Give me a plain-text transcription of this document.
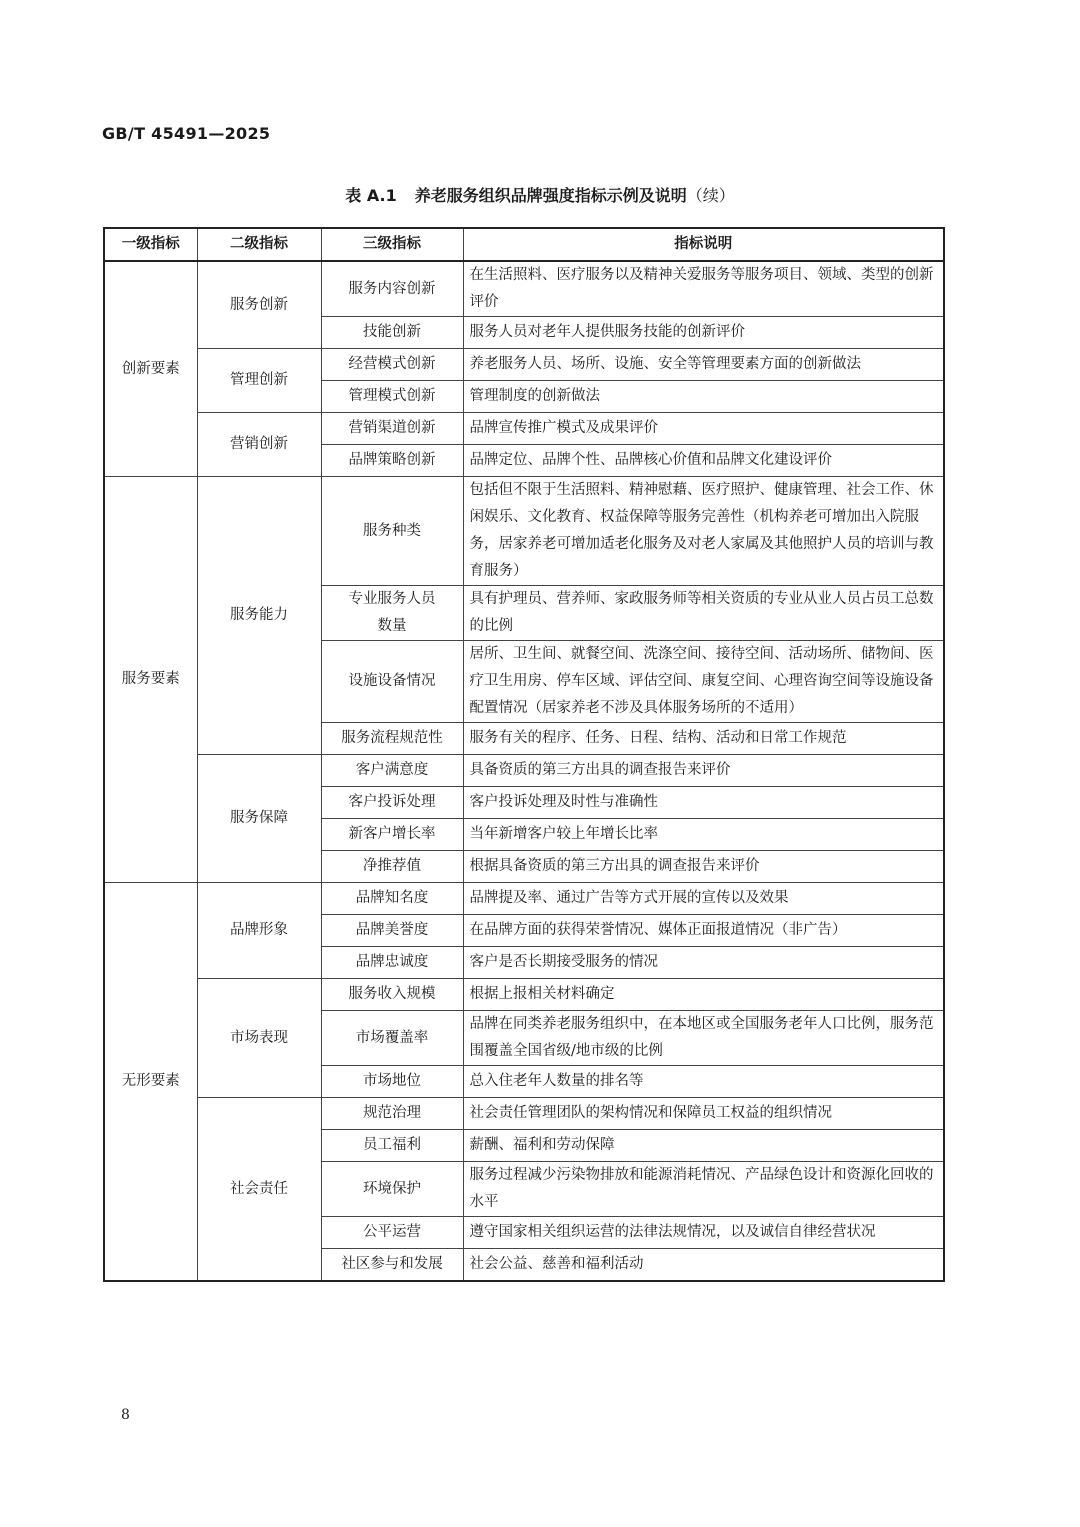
GB/T 45491—2025
表 A.1 养老服务组织品牌强度指标示例及说明（续）
一级指标	二级指标	三级指标	指标说明
创新要素	服务创新	服务内容创新	在生活照料、医疗服务以及精神关爱服务等服务项目、领域、类型的创新评价
		技能创新	服务人员对老年人提供服务技能的创新评价
	管理创新	经营模式创新	养老服务人员、场所、设施、安全等管理要素方面的创新做法
		管理模式创新	管理制度的创新做法
	营销创新	营销渠道创新	品牌宣传推广模式及成果评价
		品牌策略创新	品牌定位、品牌个性、品牌核心价值和品牌文化建设评价
服务要素	服务能力	服务种类	包括但不限于生活照料、精神慰藉、医疗照护、健康管理、社会工作、休闲娱乐、文化教育、权益保障等服务完善性（机构养老可增加出入院服务，居家养老可增加适老化服务及对老人家属及其他照护人员的培训与教育服务）
		专业服务人员数量	具有护理员、营养师、家政服务师等相关资质的专业从业人员占员工总数的比例
		设施设备情况	居所、卫生间、就餐空间、洗涤空间、接待空间、活动场所、储物间、医疗卫生用房、停车区域、评估空间、康复空间、心理咨询空间等设施设备配置情况（居家养老不涉及具体服务场所的不适用）
		服务流程规范性	服务有关的程序、任务、日程、结构、活动和日常工作规范
	服务保障	客户满意度	具备资质的第三方出具的调查报告来评价
		客户投诉处理	客户投诉处理及时性与准确性
		新客户增长率	当年新增客户较上年增长比率
		净推荐值	根据具备资质的第三方出具的调查报告来评价
无形要素	品牌形象	品牌知名度	品牌提及率、通过广告等方式开展的宣传以及效果
		品牌美誉度	在品牌方面的获得荣誉情况、媒体正面报道情况（非广告）
		品牌忠诚度	客户是否长期接受服务的情况
	市场表现	服务收入规模	根据上报相关材料确定
		市场覆盖率	品牌在同类养老服务组织中，在本地区或全国服务老年人口比例，服务范围覆盖全国省级/地市级的比例
		市场地位	总入住老年人数量的排名等
	社会责任	规范治理	社会责任管理团队的架构情况和保障员工权益的组织情况
		员工福利	薪酬、福利和劳动保障
		环境保护	服务过程减少污染物排放和能源消耗情况、产品绿色设计和资源化回收的水平
		公平运营	遵守国家相关组织运营的法律法规情况，以及诚信自律经营状况
		社区参与和发展	社会公益、慈善和福利活动
8
